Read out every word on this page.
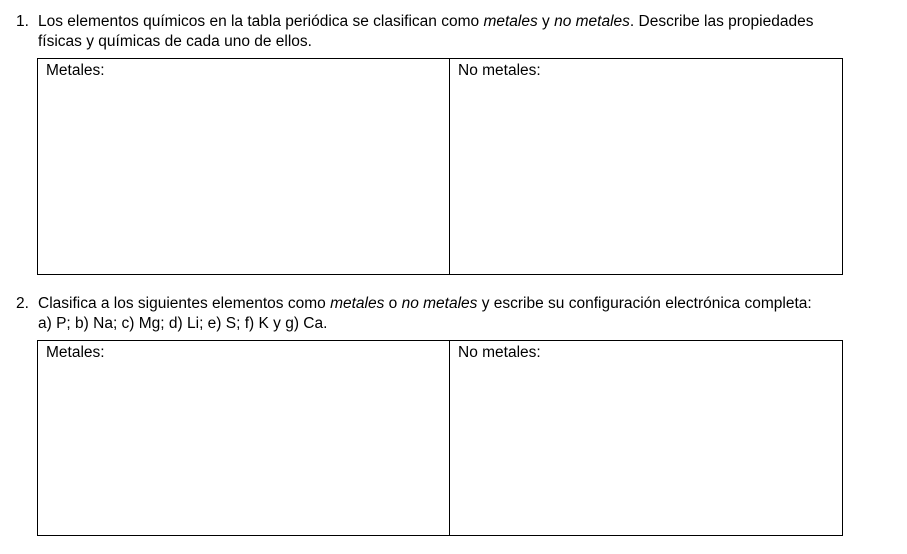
1. Los elementos químicos en la tabla periódica se clasifican como metales y no metales. Describe las propiedades
físicas y químicas de cada uno de ellos.
Metales:	No metales:
2. Clasifica a los siguientes elementos como metales o no metales y escribe su configuración electrónica completa:
a) P; b) Na; c) Mg; d) Li; e) S; f) K y g) Ca.
Metales:	No metales:
